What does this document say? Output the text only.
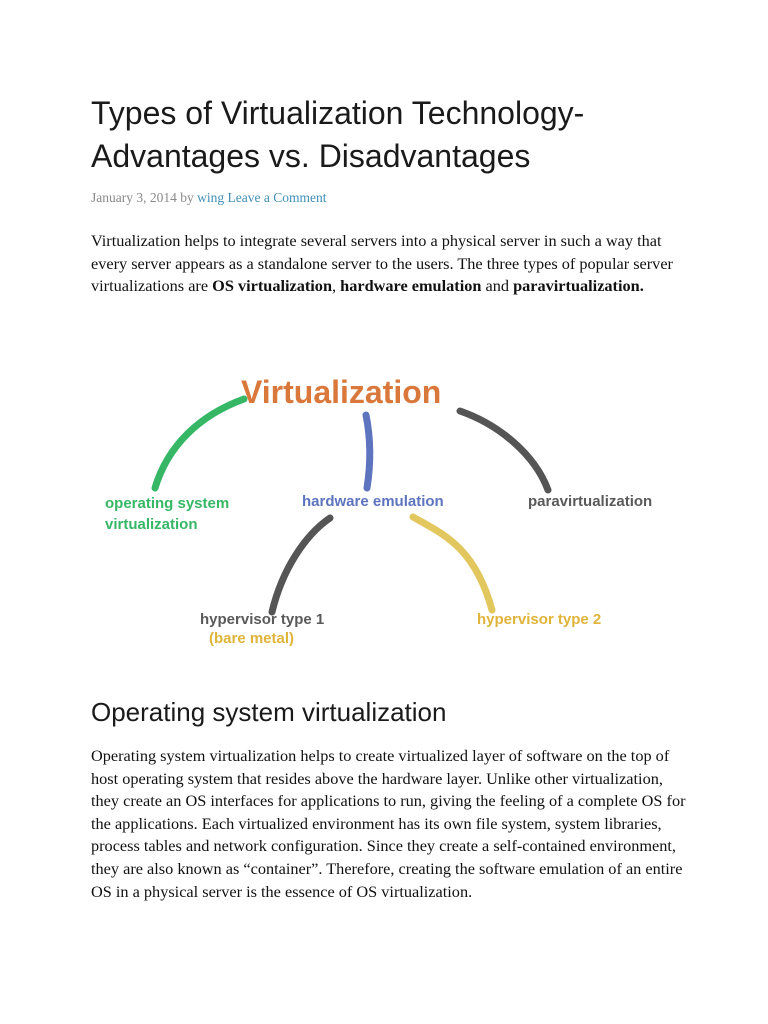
Types of Virtualization Technology- Advantages vs. Disadvantages
January 3, 2014 by wing Leave a Comment

Virtualization helps to integrate several servers into a physical server in such a way that every server appears as a standalone server to the users. The three types of popular server virtualizations are OS virtualization, hardware emulation and paravirtualization.

Virtualization
operating system
virtualization
hardware emulation	paravirtualization
hypervisor type 1
(bare metal)
hypervisor type 2
Operating system virtualization

Operating system virtualization helps to create virtualized layer of software on the top of host operating system that resides above the hardware layer. Unlike other virtualization, they create an OS interfaces for applications to run, giving the feeling of a complete OS for the applications. Each virtualized environment has its own file system, system libraries, process tables and network configuration. Since they create a self-contained environment, they are also known as “container”. Therefore, creating the software emulation of an entire OS in a physical server is the essence of OS virtualization.
